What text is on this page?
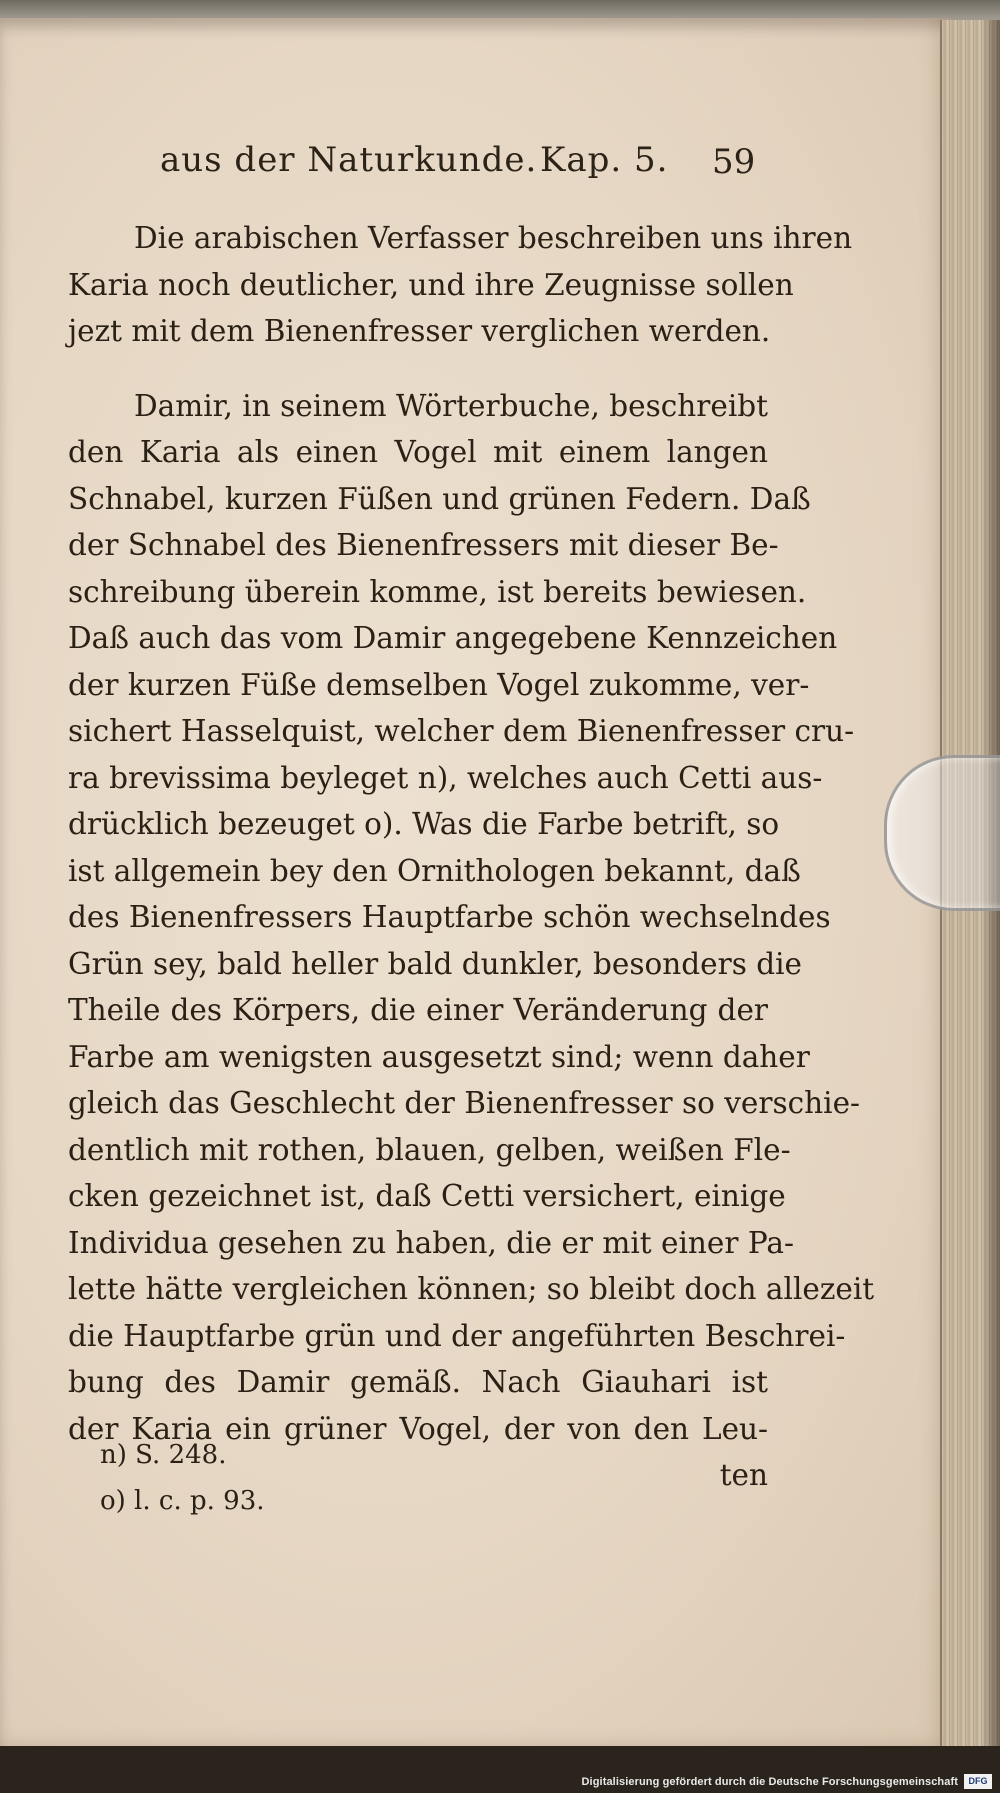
aus der Naturkunde. Kap. 5. 59

Die arabischen Verfasser beschreiben uns ihren
Karia noch deutlicher, und ihre Zeugnisse sollen
jezt mit dem Bienenfresser verglichen werden.

Damir, in seinem Wörterbuche, beschreibt
den Karia als einen Vogel mit einem langen
Schnabel, kurzen Füßen und grünen Federn. Daß
der Schnabel des Bienenfressers mit dieser Be-
schreibung überein komme, ist bereits bewiesen.
Daß auch das vom Damir angegebene Kennzeichen
der kurzen Füße demselben Vogel zukomme, ver-
sichert Hasselquist, welcher dem Bienenfresser cru-
ra brevissima beyleget n), welches auch Cetti aus-
drücklich bezeuget o). Was die Farbe betrift, so
ist allgemein bey den Ornithologen bekannt, daß
des Bienenfressers Hauptfarbe schön wechselndes
Grün sey, bald heller bald dunkler, besonders die
Theile des Körpers, die einer Veränderung der
Farbe am wenigsten ausgesetzt sind; wenn daher
gleich das Geschlecht der Bienenfresser so verschie-
dentlich mit rothen, blauen, gelben, weißen Fle-
cken gezeichnet ist, daß Cetti versichert, einige
Individua gesehen zu haben, die er mit einer Pa-
lette hätte vergleichen können; so bleibt doch allezeit
die Hauptfarbe grün und der angeführten Beschrei-
bung des Damir gemäß. Nach Giauhari ist
der Karia ein grüner Vogel, der von den Leu-
ten

n) S. 248.
o) l. c. p. 93.
Digitalisierung gefördert durch die Deutsche Forschungsgemeinschaft	DFG
